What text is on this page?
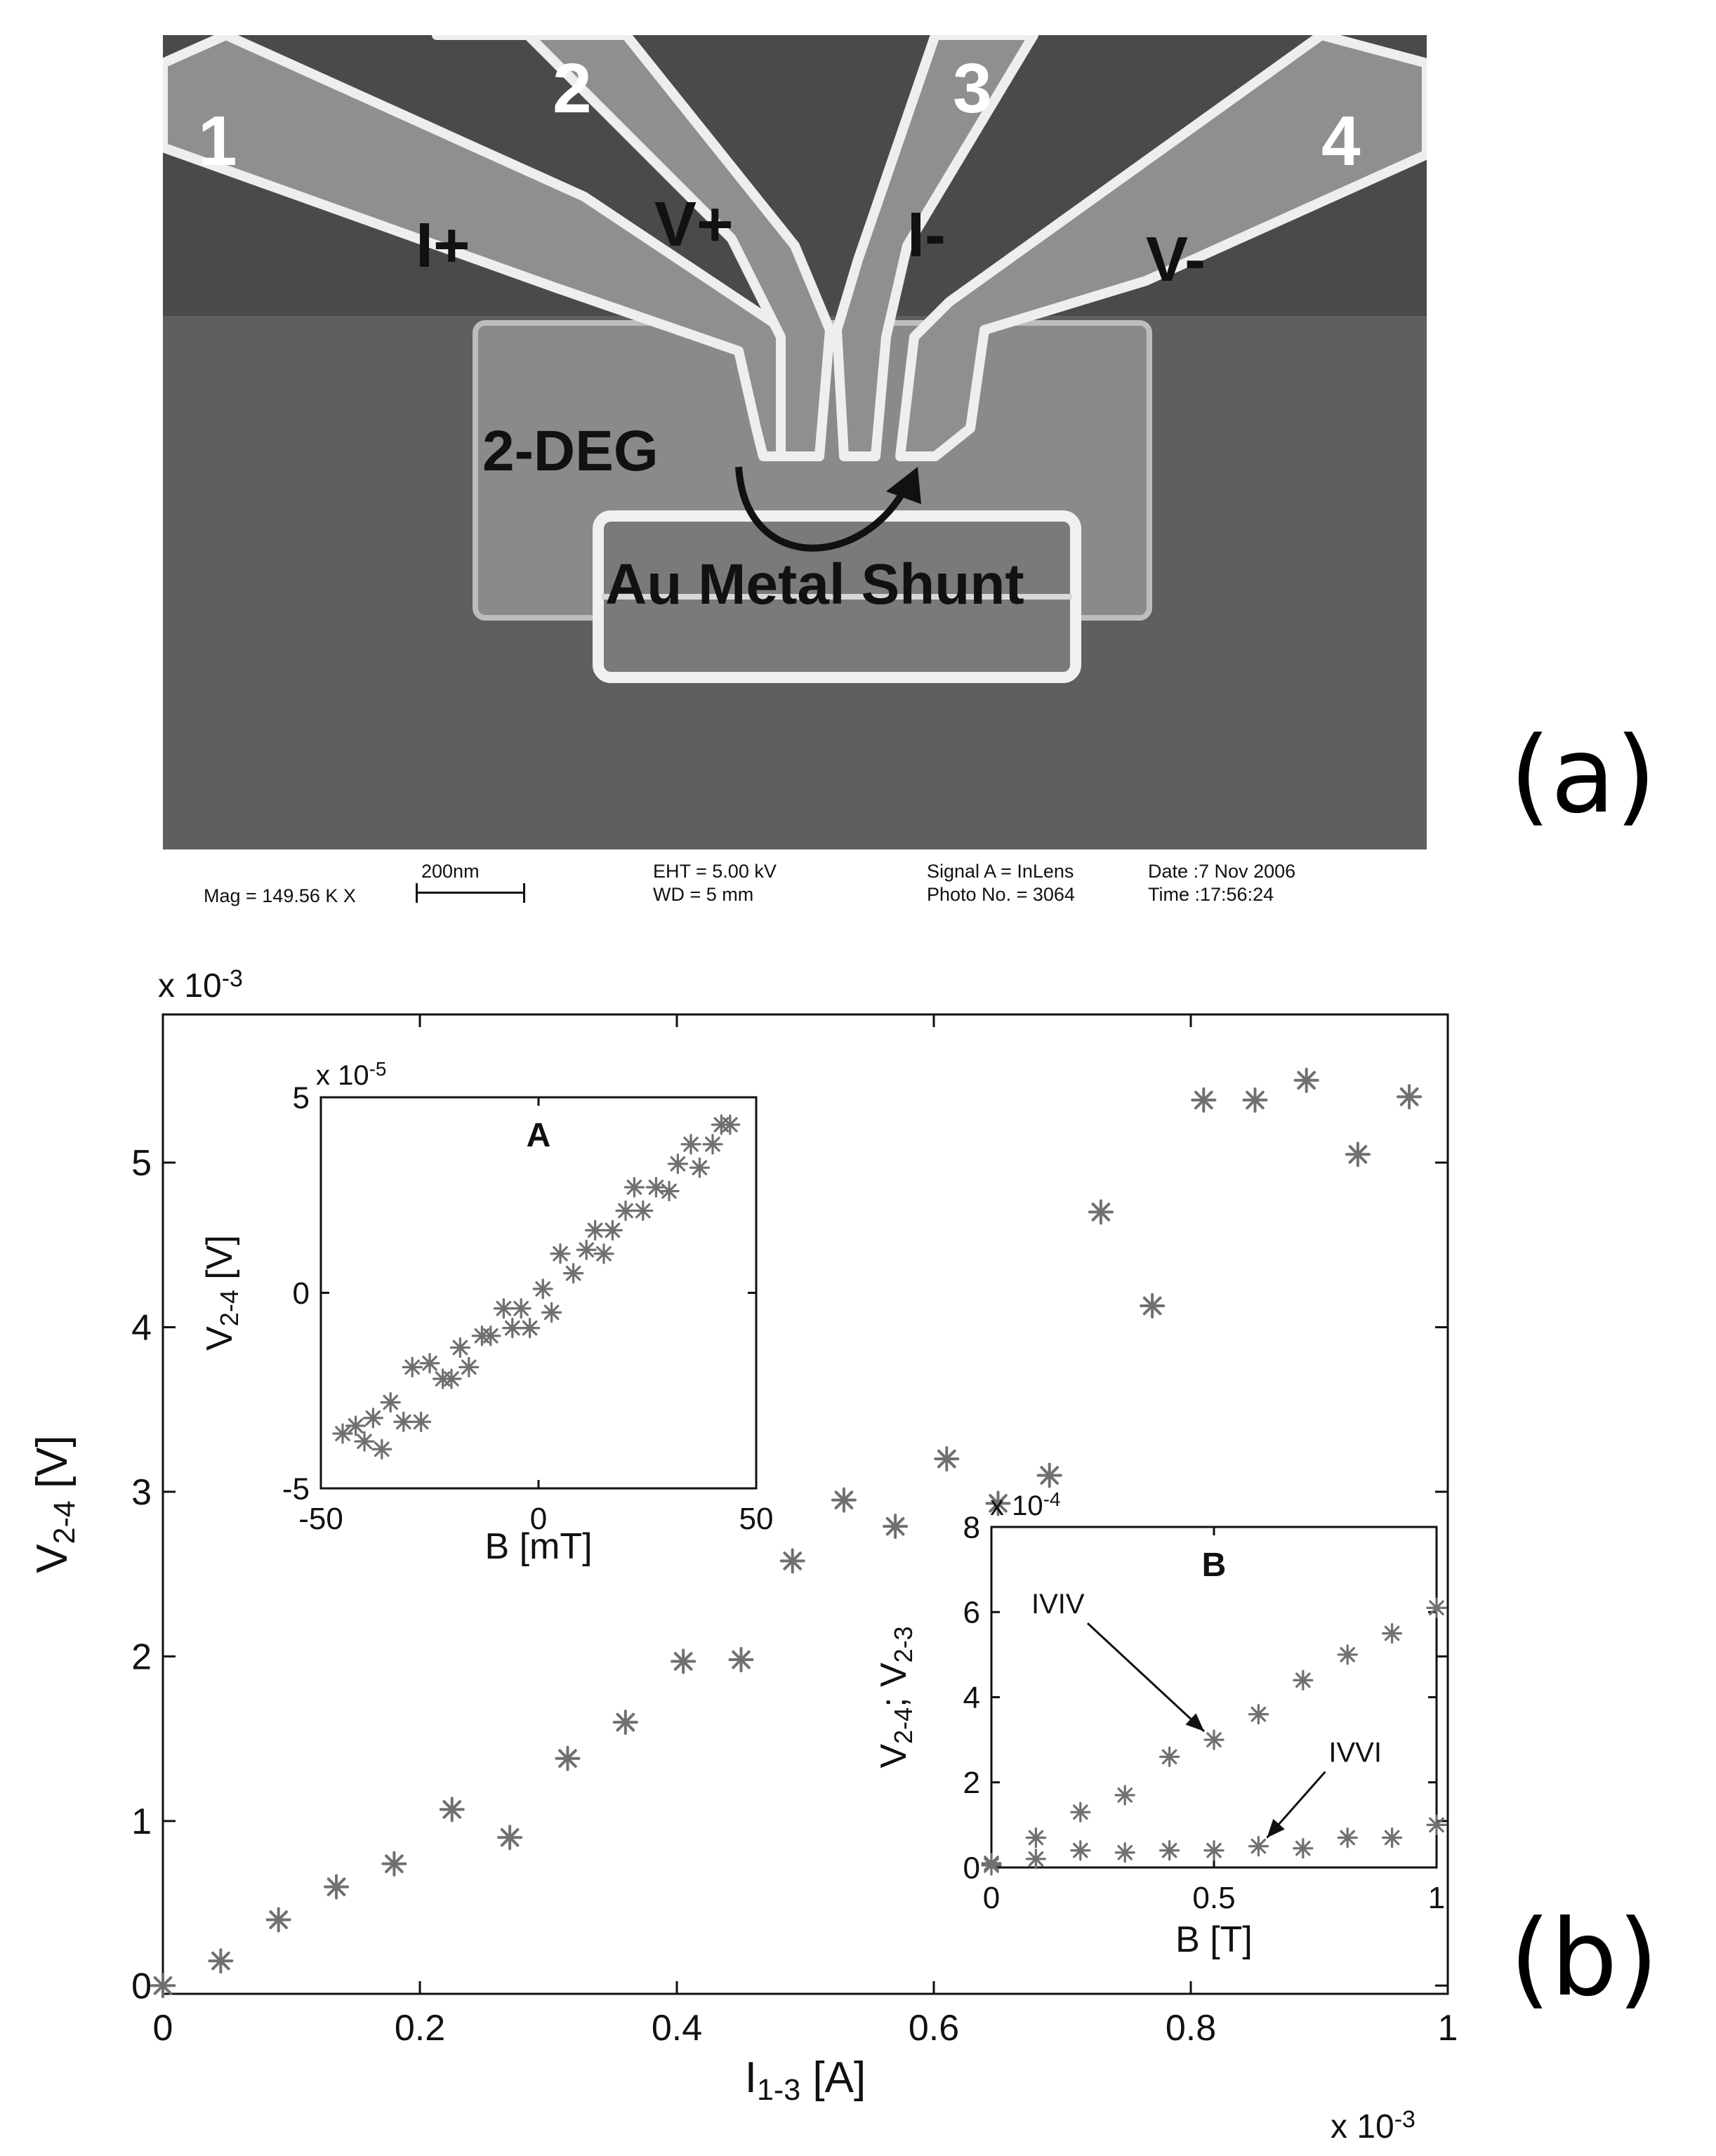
1
2	3
4
I+	V+	I-	V-
2-DEG
Au Metal Shunt
(a)
Mag = 149.56 K X
200nm	EHT = 5.00 kV
WD = 5 mm
Signal A = InLens
Photo No. = 3064
Date :7 Nov 2006
Time :17:56:24
0	0.2	0.4	0.6	0.8	1
0
1
2
3
4
5
I1-3 [A]
V2-4 [V]
x 10-3
x 10-3
-50	0	50
-5
0
5
A
B [mT]
V2-4 [V]
x 10-5
0	0.5	1
0
2
4
6
8
B
B [T]
V2-4; V2-3
x 10-4
IVIV
IVVI
(b)
